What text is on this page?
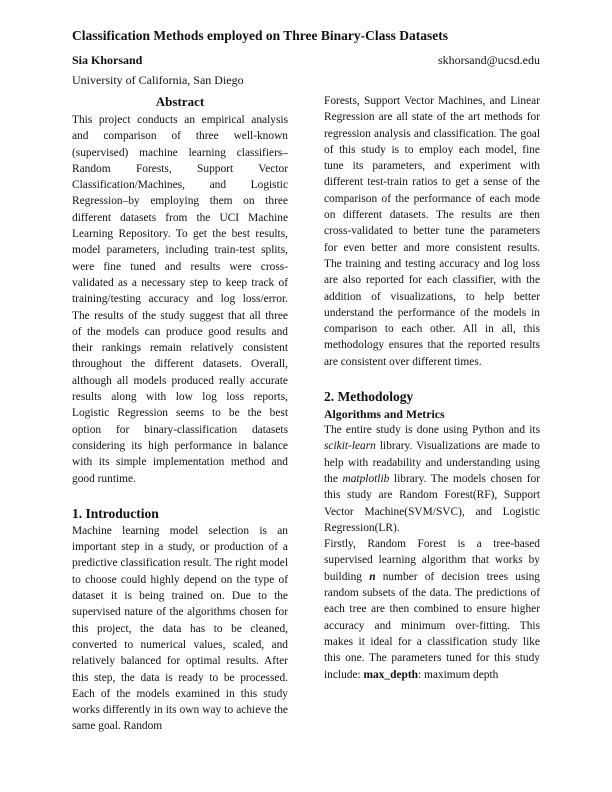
Classification Methods employed on Three Binary-Class Datasets
Sia Khorsand	skhorsand@ucsd.edu
University of California, San Diego
Abstract

This project conducts an empirical analysis and comparison of three well-known (supervised) machine learning classifiers–Random Forests, Support Vector Classification/Machines, and Logistic Regression–by employing them on three different datasets from the UCI Machine Learning Repository. To get the best results, model parameters, including train-test splits, were fine tuned and results were cross-validated as a necessary step to keep track of training/testing accuracy and log loss/error. The results of the study suggest that all three of the models can produce good results and their rankings remain relatively consistent throughout the different datasets. Overall, although all models produced really accurate results along with low log loss reports, Logistic Regression seems to be the best option for binary-classification datasets considering its high performance in balance with its simple implementation method and good runtime.

1. Introduction

Machine learning model selection is an important step in a study, or production of a predictive classification result. The right model to choose could highly depend on the type of dataset it is being trained on. Due to the supervised nature of the algorithms chosen for this project, the data has to be cleaned, converted to numerical values, scaled, and relatively balanced for optimal results. After this step, the data is ready to be processed. Each of the models examined in this study works differently in its own way to achieve the same goal. Random

Forests, Support Vector Machines, and Linear Regression are all state of the art methods for regression analysis and classification. The goal of this study is to employ each model, fine tune its parameters, and experiment with different test-train ratios to get a sense of the comparison of the performance of each mode on different datasets. The results are then cross-validated to better tune the parameters for even better and more consistent results. The training and testing accuracy and log loss are also reported for each classifier, with the addition of visualizations, to help better understand the performance of the models in comparison to each other. All in all, this methodology ensures that the reported results are consistent over different times.

2. Methodology
Algorithms and Metrics

The entire study is done using Python and its scikit-learn library. Visualizations are made to help with readability and understanding using the matplotlib library. The models chosen for this study are Random Forest(RF), Support Vector Machine(SVM/SVC), and Logistic Regression(LR).

Firstly, Random Forest is a tree-based supervised learning algorithm that works by building n number of decision trees using random subsets of the data. The predictions of each tree are then combined to ensure higher accuracy and minimum over-fitting. This makes it ideal for a classification study like this one. The parameters tuned for this study include: max_depth: maximum depth
